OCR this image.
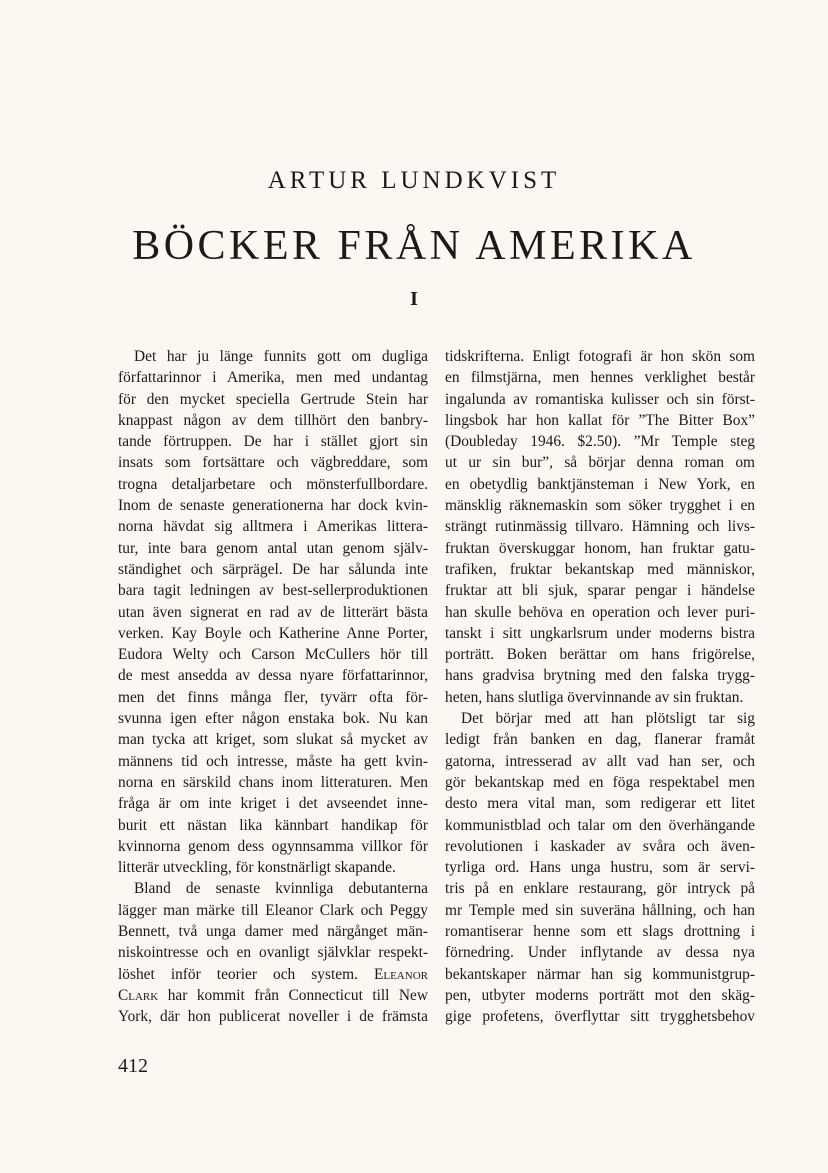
ARTUR LUNDKVIST
BÖCKER FRÅN AMERIKA
I
Det har ju länge funnits gott om dugliga
författarinnor i Amerika, men med undantag
för den mycket speciella Gertrude Stein har
knappast någon av dem tillhört den banbry-
tande förtruppen. De har i stället gjort sin
insats som fortsättare och vägbreddare, som
trogna detaljarbetare och mönsterfullbordare.
Inom de senaste generationerna har dock kvin-
norna hävdat sig alltmera i Amerikas littera-
tur, inte bara genom antal utan genom själv-
ständighet och särprägel. De har sålunda inte
bara tagit ledningen av best-sellerproduktionen
utan även signerat en rad av de litterärt bästa
verken. Kay Boyle och Katherine Anne Porter,
Eudora Welty och Carson McCullers hör till
de mest ansedda av dessa nyare författarinnor,
men det finns många fler, tyvärr ofta för-
svunna igen efter någon enstaka bok. Nu kan
man tycka att kriget, som slukat så mycket av
männens tid och intresse, måste ha gett kvin-
norna en särskild chans inom litteraturen. Men
fråga är om inte kriget i det avseendet inne-
burit ett nästan lika kännbart handikap för
kvinnorna genom dess ogynnsamma villkor för
litterär utveckling, för konstnärligt skapande.
Bland de senaste kvinnliga debutanterna
lägger man märke till Eleanor Clark och Peggy
Bennett, två unga damer med närgånget män-
niskointresse och en ovanligt självklar respekt-
löshet inför teorier och system. Eleanor
Clark har kommit från Connecticut till New
York, där hon publicerat noveller i de främsta
tidskrifterna. Enligt fotografi är hon skön som
en filmstjärna, men hennes verklighet består
ingalunda av romantiska kulisser och sin först-
lingsbok har hon kallat för ”The Bitter Box”
(Doubleday 1946. $2.50). ”Mr Temple steg
ut ur sin bur”, så börjar denna roman om
en obetydlig banktjänsteman i New York, en
mänsklig räknemaskin som söker trygghet i en
strängt rutinmässig tillvaro. Hämning och livs-
fruktan överskuggar honom, han fruktar gatu-
trafiken, fruktar bekantskap med människor,
fruktar att bli sjuk, sparar pengar i händelse
han skulle behöva en operation och lever puri-
tanskt i sitt ungkarlsrum under moderns bistra
porträtt. Boken berättar om hans frigörelse,
hans gradvisa brytning med den falska trygg-
heten, hans slutliga övervinnande av sin fruktan.
Det börjar med att han plötsligt tar sig
ledigt från banken en dag, flanerar framåt
gatorna, intresserad av allt vad han ser, och
gör bekantskap med en föga respektabel men
desto mera vital man, som redigerar ett litet
kommunistblad och talar om den överhängande
revolutionen i kaskader av svåra och även-
tyrliga ord. Hans unga hustru, som är servi-
tris på en enklare restaurang, gör intryck på
mr Temple med sin suveräna hållning, och han
romantiserar henne som ett slags drottning i
förnedring. Under inflytande av dessa nya
bekantskaper närmar han sig kommunistgrup-
pen, utbyter moderns porträtt mot den skäg-
gige profetens, överflyttar sitt trygghetsbehov
412
